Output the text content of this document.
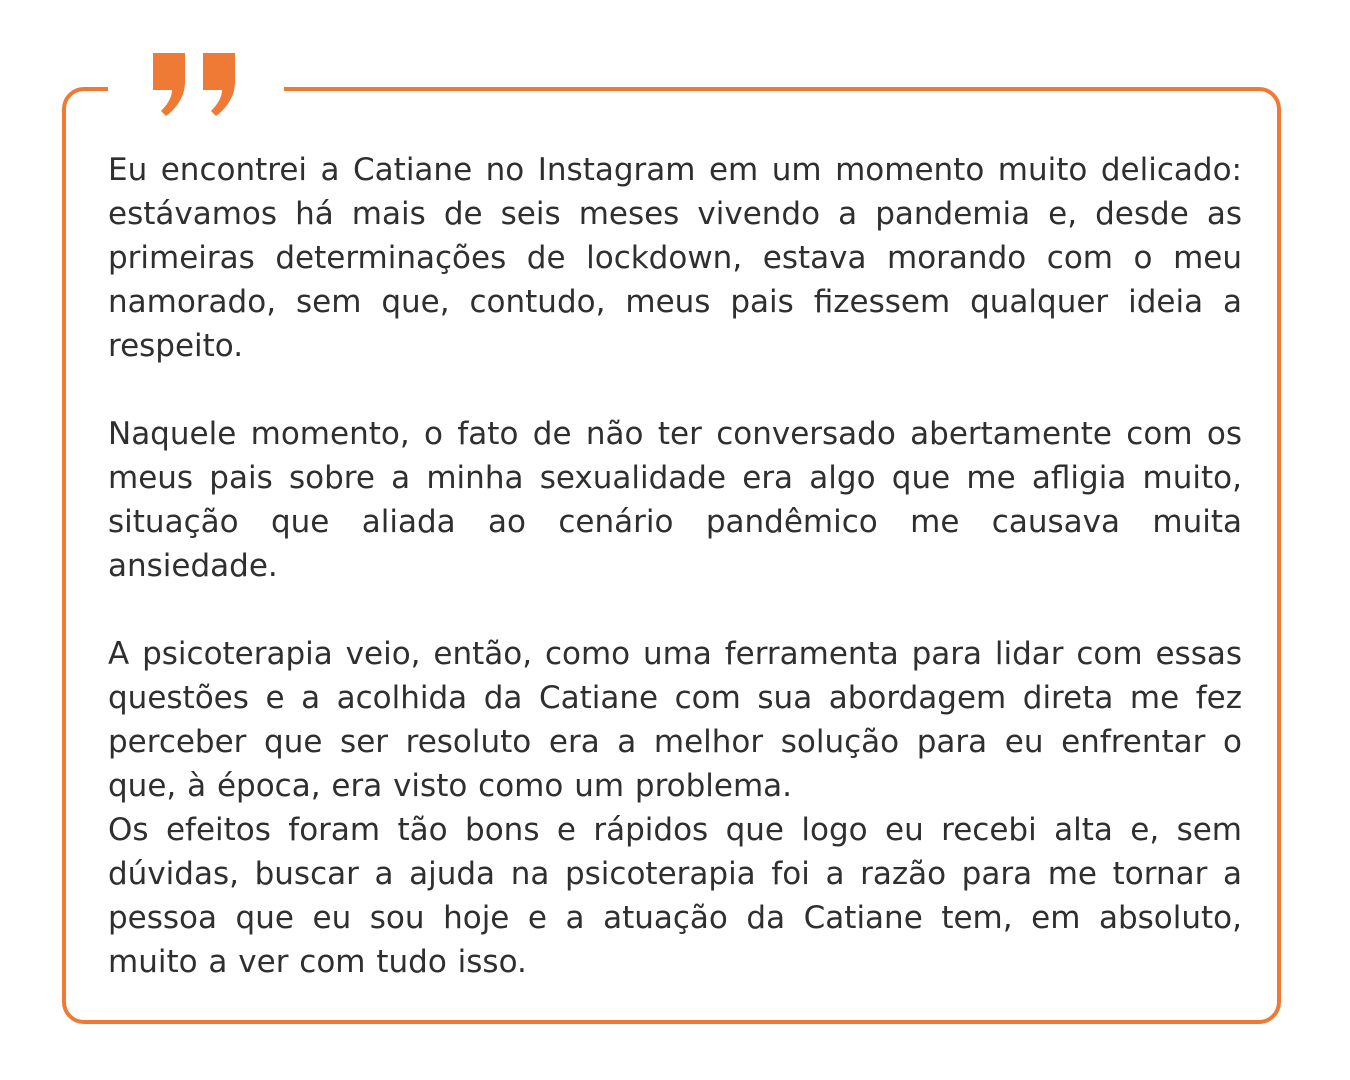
Eu encontrei a Catiane no Instagram em um momento muito delicado: estávamos há mais de seis meses vivendo a pandemia e, desde as primeiras determinações de lockdown, estava morando com o meu namorado, sem que, contudo, meus pais fizessem qualquer ideia a respeito.

Naquele momento, o fato de não ter conversado abertamente com os meus pais sobre a minha sexualidade era algo que me afligia muito, situação que aliada ao cenário pandêmico me causava muita ansiedade.

A psicoterapia veio, então, como uma ferramenta para lidar com essas questões e a acolhida da Catiane com sua abordagem direta me fez perceber que ser resoluto era a melhor solução para eu enfrentar o que, à época, era visto como um problema.

Os efeitos foram tão bons e rápidos que logo eu recebi alta e, sem dúvidas, buscar a ajuda na psicoterapia foi a razão para me tornar a pessoa que eu sou hoje e a atuação da Catiane tem, em absoluto, muito a ver com tudo isso.
